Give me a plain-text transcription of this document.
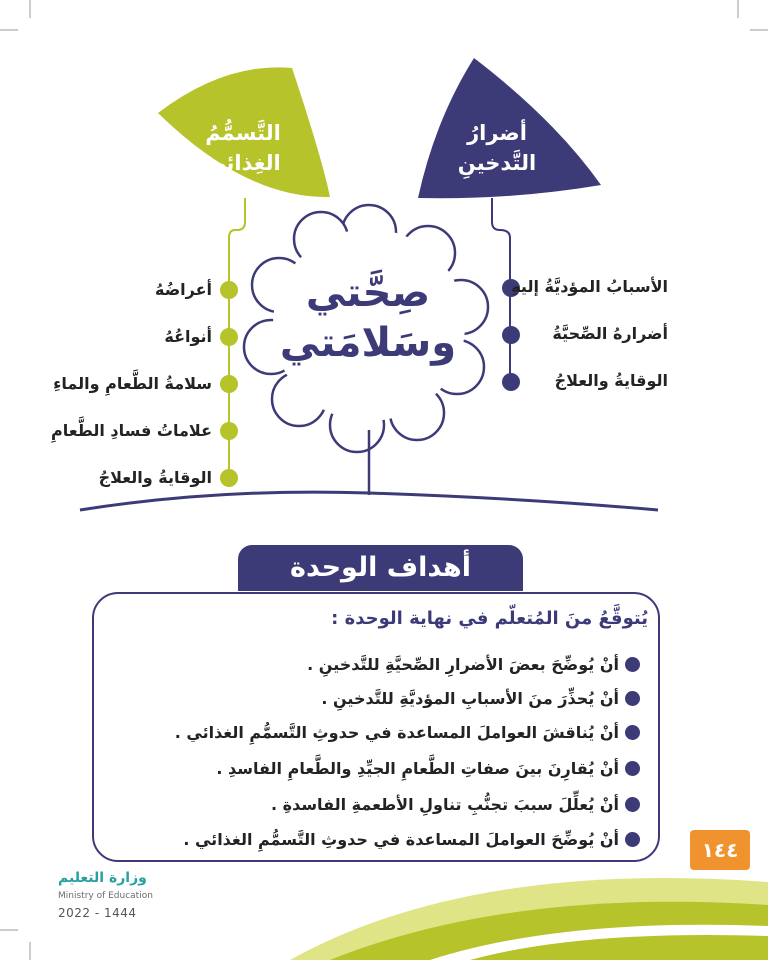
التَّسمُّمُ الغِذائِي
أضرارُ التَّدخينِ
صِحَّتي
وسَلامَتي
أعراضُهُ
أنواعُهُ
سلامةُ الطَّعامِ والماءِ
علاماتُ فسادِ الطَّعامِ
الوقايةُ والعلاجُ
الأسبابُ المؤديَّةُ إليهِ
أضرارهُ الصِّحيَّةُ
الوقايةُ والعلاجُ
أهداف الوحدة
يُتوقَّعُ منَ المُتعلّم في نهاية الوحدة :
أنْ يُوضِّحَ بعضَ الأضرارِ الصِّحيَّةِ للتَّدخينِ .
أنْ يُحذِّرَ منَ الأسبابِ المؤديَّةِ للتَّدخينِ .
أنْ يُناقشَ العواملَ المساعدة في حدوثِ التَّسمُّمِ الغذائي .
أنْ يُقارِنَ بينَ صفاتِ الطَّعامِ الجيِّدِ والطَّعامِ الفاسدِ .
أنْ يُعلِّلَ سببَ تجنُّبِ تناولِ الأطعمةِ الفاسدةِ .
أنْ يُوضِّحَ العواملَ المساعدة في حدوثِ التَّسمُّمِ الغذائي .	١٤٤
وزارة التعليم
Ministry of Education
2022 - 1444
